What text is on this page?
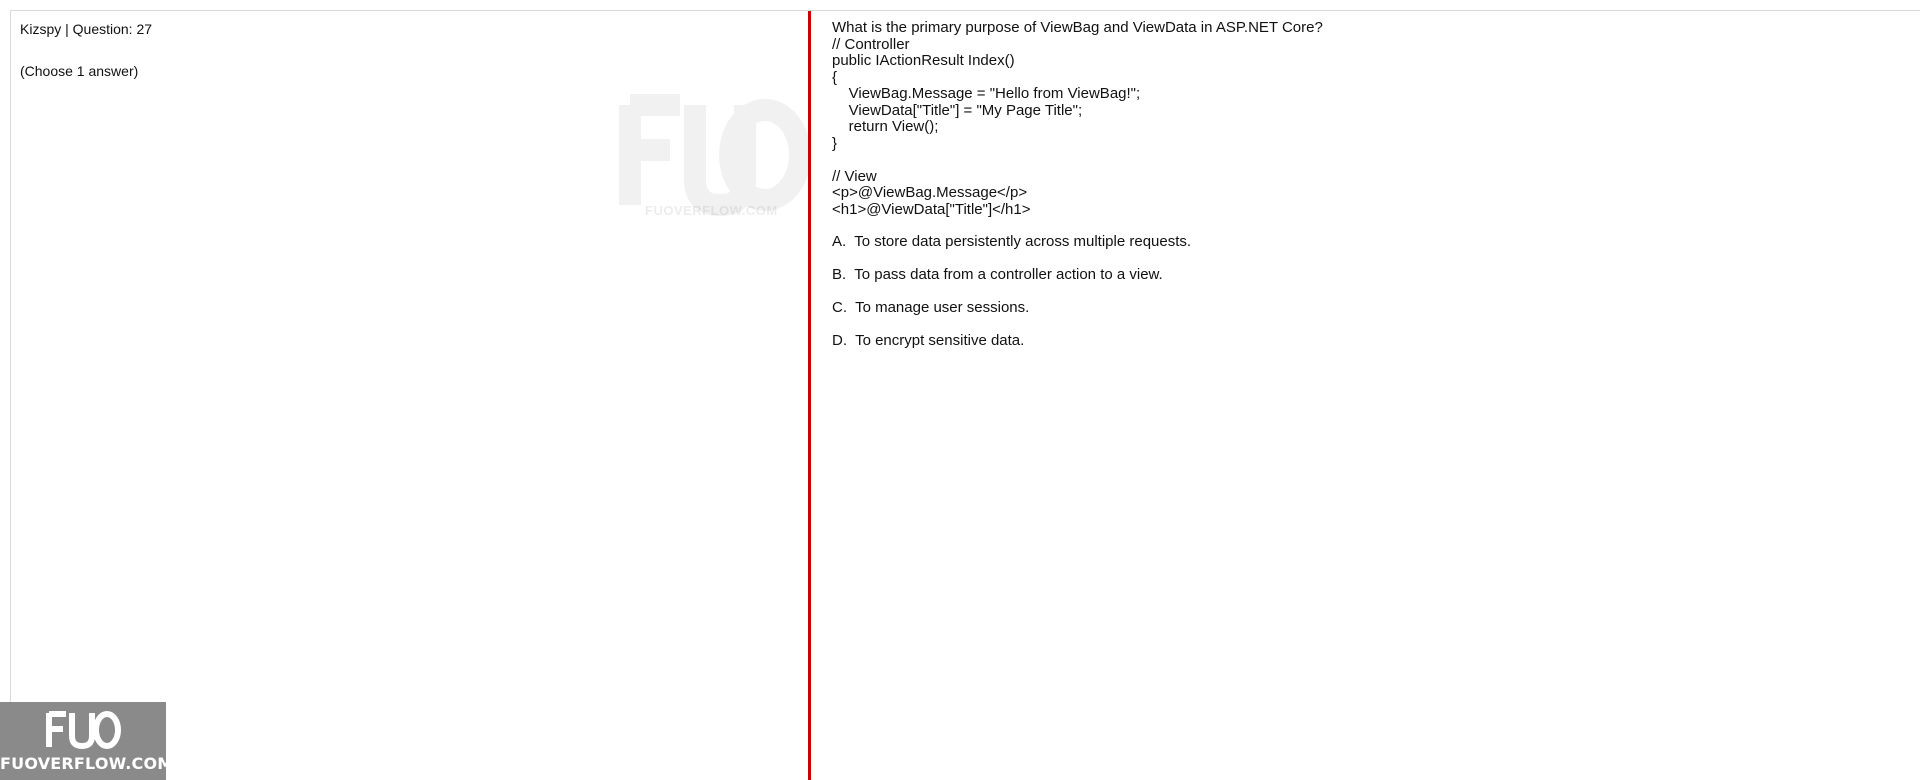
Kizspy | Question: 27
(Choose 1 answer)
FUOVERFLOW.COM
What is the primary purpose of ViewBag and ViewData in ASP.NET Core?
// Controller
public IActionResult Index()
{
ViewBag.Message = "Hello from ViewBag!";
ViewData["Title"] = "My Page Title";
return View();
}
// View
<p>@ViewBag.Message</p>
<h1>@ViewData["Title"]</h1>
A.  To store data persistently across multiple requests.
B.  To pass data from a controller action to a view.
C.  To manage user sessions.
D.  To encrypt sensitive data.
FUOVERFLOW.COM
